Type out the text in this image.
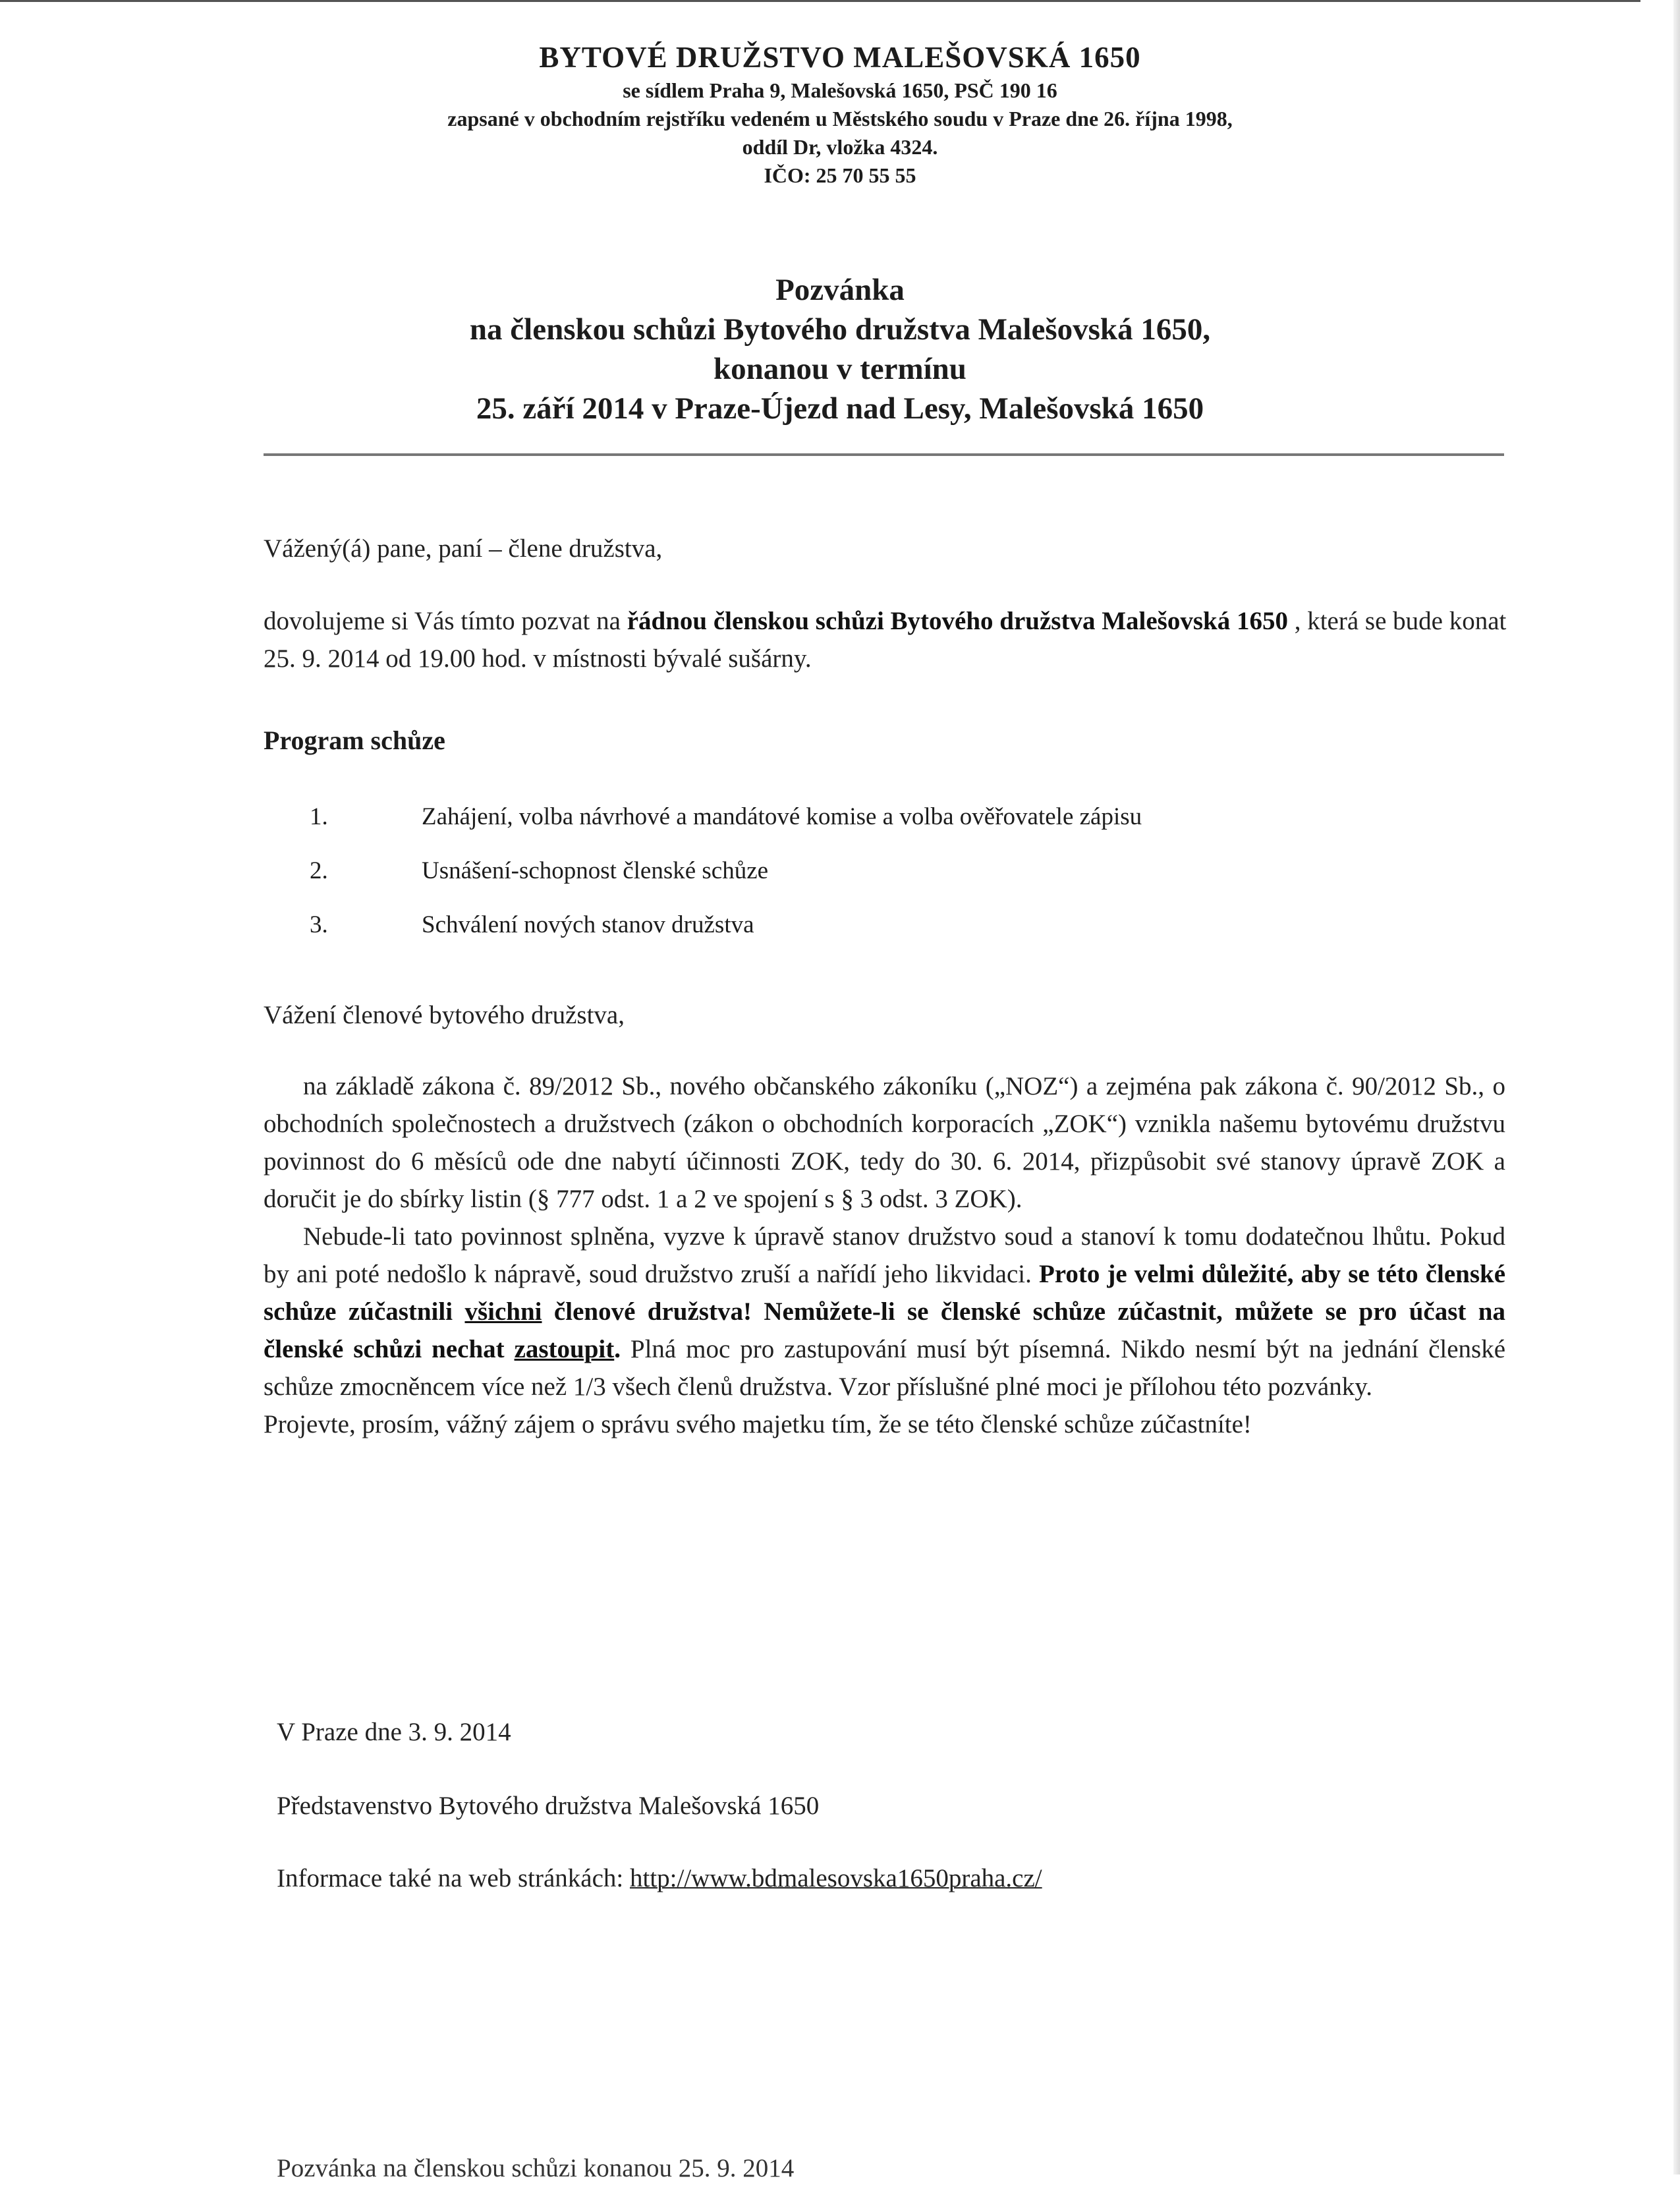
BYTOVÉ DRUŽSTVO MALEŠOVSKÁ 1650
se sídlem Praha 9, Malešovská 1650, PSČ 190 16
zapsané v obchodním rejstříku vedeném u Městského soudu v Praze dne 26. října 1998,
oddíl Dr, vložka 4324.
IČO: 25 70 55 55
Pozvánka
na členskou schůzi Bytového družstva Malešovská 1650,
konanou v termínu
25. září 2014 v Praze-Újezd nad Lesy, Malešovská 1650
Vážený(á) pane, paní – člene družstva,
dovolujeme si Vás tímto pozvat na řádnou členskou schůzi Bytového družstva Malešovská 1650 , která se bude konat 25. 9. 2014 od 19.00 hod. v místnosti bývalé sušárny.
Program schůze
1.	Zahájení, volba návrhové a mandátové komise a volba ověřovatele zápisu
2.	Usnášení-schopnost členské schůze
3.	Schválení nových stanov družstva
Vážení členové bytového družstva,

na základě zákona č. 89/2012 Sb., nového občanského zákoníku („NOZ“) a zejména pak zákona č. 90/2012 Sb., o obchodních společnostech a družstvech (zákon o obchodních korporacích „ZOK“) vznikla našemu bytovému družstvu povinnost do 6 měsíců ode dne nabytí účinnosti ZOK, tedy do 30. 6. 2014, přizpůsobit své stanovy úpravě ZOK a doručit je do sbírky listin (§ 777 odst. 1 a 2 ve spojení s § 3 odst. 3 ZOK).

Nebude-li tato povinnost splněna, vyzve k úpravě stanov družstvo soud a stanoví k tomu dodatečnou lhůtu. Pokud by ani poté nedošlo k nápravě, soud družstvo zruší a nařídí jeho likvidaci. Proto je velmi důležité, aby se této členské schůze zúčastnili všichni členové družstva! Nemůžete-li se členské schůze zúčastnit, můžete se pro účast na členské schůzi nechat zastoupit. Plná moc pro zastupování musí být písemná. Nikdo nesmí být na jednání členské schůze zmocněncem více než 1/3 všech členů družstva. Vzor příslušné plné moci je přílohou této pozvánky.

Projevte, prosím, vážný zájem o správu svého majetku tím, že se této členské schůze zúčastníte!

V Praze dne 3. 9. 2014
Představenstvo Bytového družstva Malešovská 1650
Informace také na web stránkách: http://www.bdmalesovska1650praha.cz/
Pozvánka na členskou schůzi konanou 25. 9. 2014
